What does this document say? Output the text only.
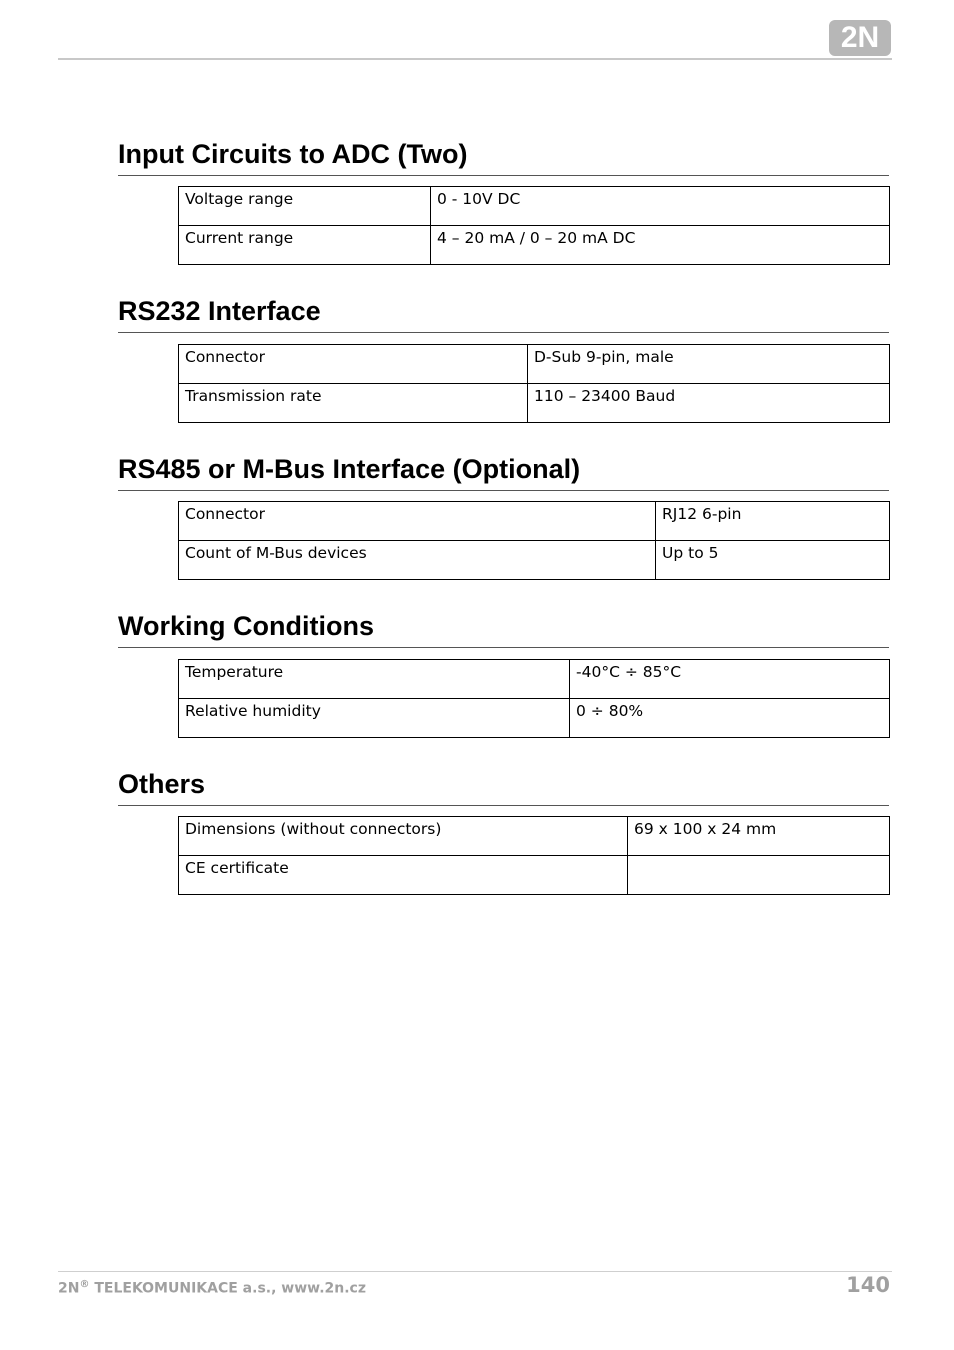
2N
Input Circuits to ADC (Two)
Voltage range	0 - 10V DC
Current range	4 – 20 mA / 0 – 20 mA DC
RS232 Interface
Connector	D-Sub 9-pin, male
Transmission rate	110 – 23400 Baud
RS485 or M-Bus Interface (Optional)
Connector	RJ12 6-pin
Count of M-Bus devices	Up to 5
Working Conditions
Temperature	-40°C ÷ 85°C
Relative humidity	0 ÷ 80%
Others
Dimensions (without connectors)	69 x 100 x 24 mm
CE certificate	
2N® TELEKOMUNIKACE a.s., www.2n.cz	140
